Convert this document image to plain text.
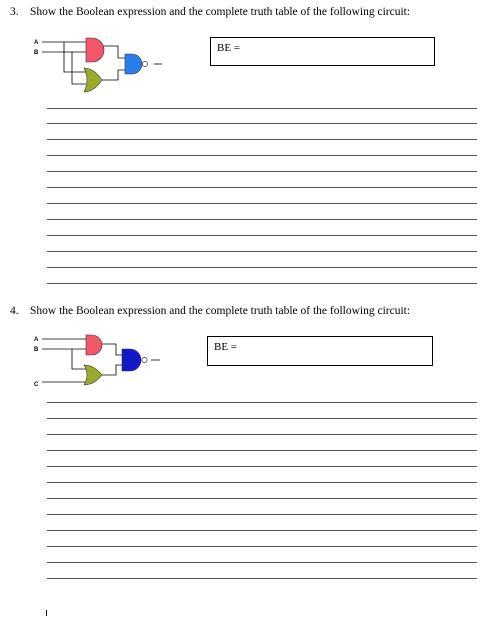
3. Show the Boolean expression and the complete truth table of the following circuit:
A
B	BE =
4. Show the Boolean expression and the complete truth table of the following circuit:
A
B
C
BE =
